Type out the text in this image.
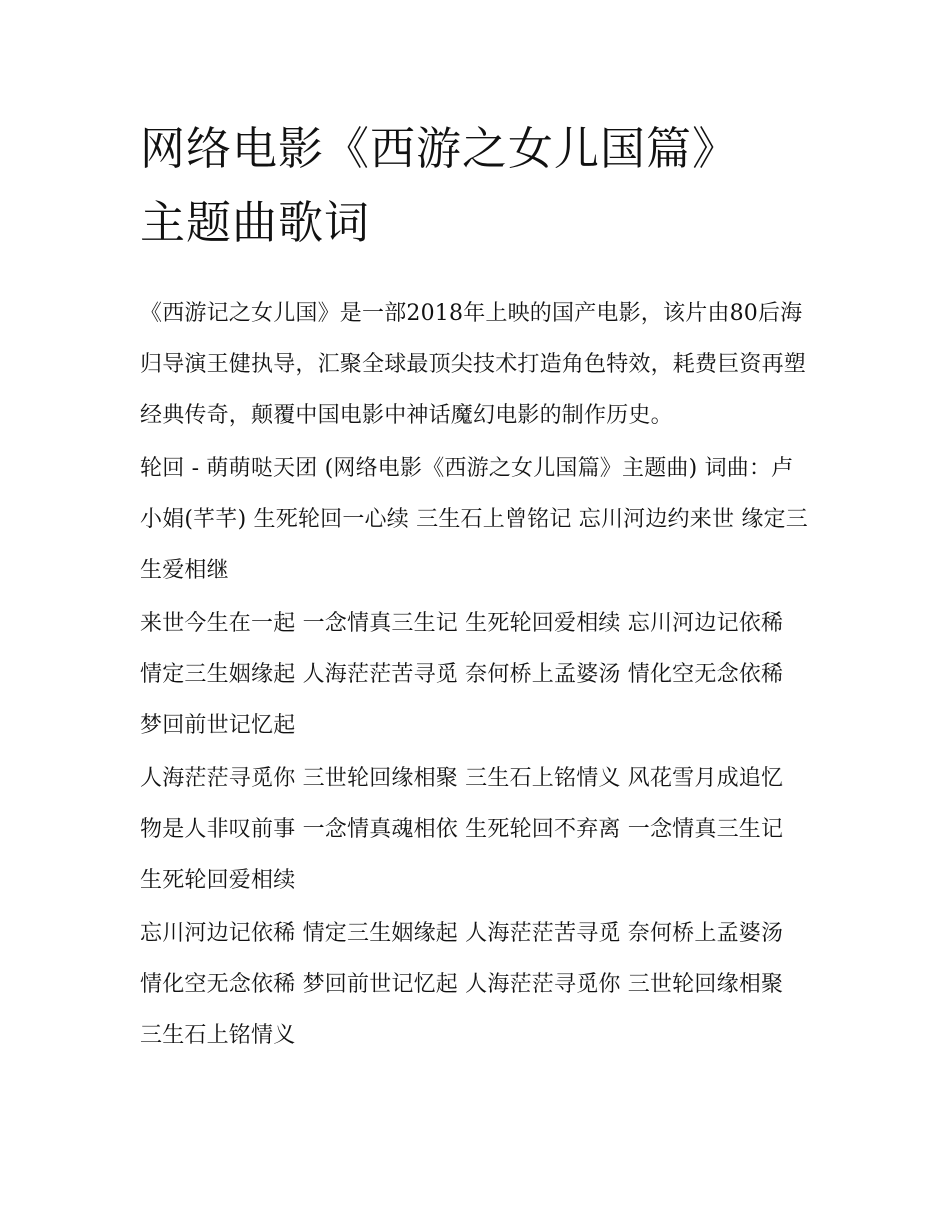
网络电影《西游之女儿国篇》
主题曲歌词

《西游记之女儿国》是一部2018年上映的国产电影，该片由80后海归导演王健执导，汇聚全球最顶尖技术打造角色特效，耗费巨资再塑经典传奇，颠覆中国电影中神话魔幻电影的制作历史。

轮回 - 萌萌哒天团 (网络电影《西游之女儿国篇》主题曲) 词曲：卢小娟(芊芊) 生死轮回一心续 三生石上曾铭记 忘川河边约来世 缘定三生爱相继

来世今生在一起 一念情真三生记 生死轮回爱相续 忘川河边记依稀 情定三生姻缘起 人海茫茫苦寻觅 奈何桥上孟婆汤 情化空无念依稀 梦回前世记忆起

人海茫茫寻觅你 三世轮回缘相聚 三生石上铭情义 风花雪月成追忆 物是人非叹前事 一念情真魂相依 生死轮回不弃离 一念情真三生记 生死轮回爱相续

忘川河边记依稀 情定三生姻缘起 人海茫茫苦寻觅 奈何桥上孟婆汤 情化空无念依稀 梦回前世记忆起 人海茫茫寻觅你 三世轮回缘相聚 三生石上铭情义
